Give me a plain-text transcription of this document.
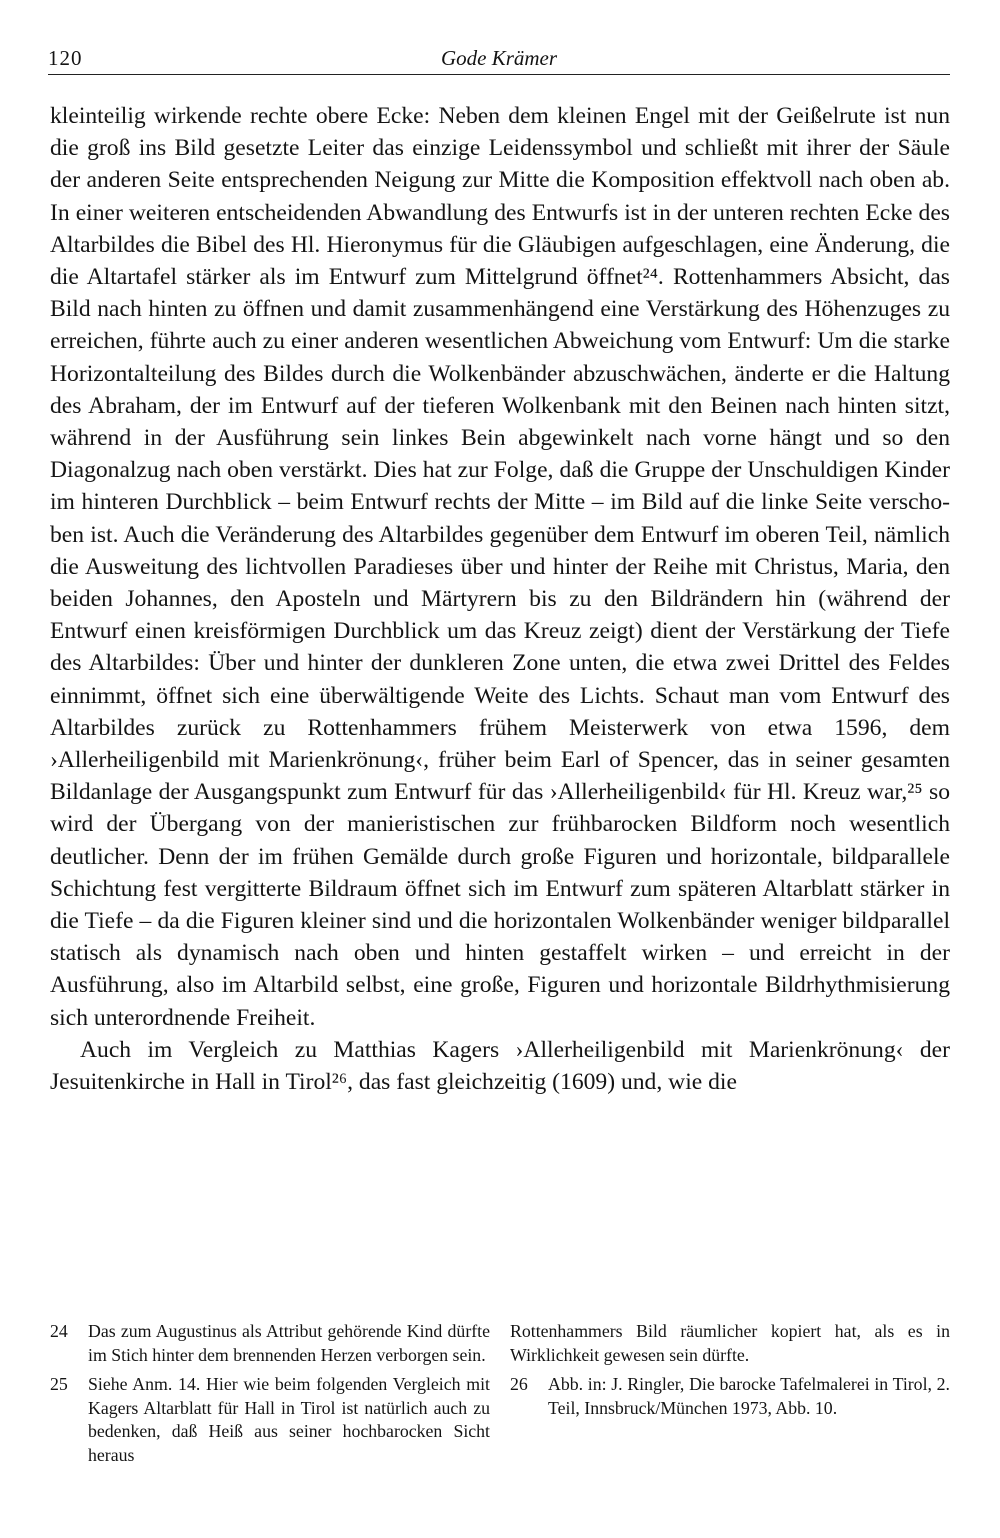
120	Gode Krämer

kleinteilig wirkende rechte obere Ecke: Neben dem kleinen Engel mit der Geißelrute ist nun die groß ins Bild gesetzte Leiter das einzige Leidenssymbol und schließt mit ihrer der Säule der anderen Seite entsprechenden Neigung zur Mitte die Komposition effektvoll nach oben ab. In einer weiteren entscheidenden Abwandlung des Entwurfs ist in der unteren rechten Ecke des Altarbildes die Bibel des Hl. Hieronymus für die Gläubigen aufgeschlagen, eine Änderung, die die Altartafel stärker als im Entwurf zum Mittelgrund öffnet²⁴. Rottenhammers Absicht, das Bild nach hinten zu öffnen und damit zusammenhängend eine Verstärkung des Höhenzuges zu erreichen, führte auch zu einer anderen wesentlichen Abweichung vom Entwurf: Um die starke Horizontalteilung des Bildes durch die Wolkenbänder abzuschwächen, änderte er die Haltung des Abraham, der im Entwurf auf der tieferen Wolkenbank mit den Beinen nach hinten sitzt, während in der Ausführung sein linkes Bein abgewinkelt nach vorne hängt und so den Diagonalzug nach oben verstärkt. Dies hat zur Folge, daß die Gruppe der Unschuldigen Kinder im hinteren Durchblick – beim Entwurf rechts der Mitte – im Bild auf die linke Seite verschoben ist. Auch die Veränderung des Altarbildes gegenüber dem Entwurf im oberen Teil, nämlich die Ausweitung des lichtvollen Paradieses über und hinter der Reihe mit Christus, Maria, den beiden Johannes, den Aposteln und Märtyrern bis zu den Bildrändern hin (während der Entwurf einen kreisförmigen Durchblick um das Kreuz zeigt) dient der Verstärkung der Tiefe des Altarbildes: Über und hinter der dunkleren Zone unten, die etwa zwei Drittel des Feldes einnimmt, öffnet sich eine überwältigende Weite des Lichts. Schaut man vom Entwurf des Altarbildes zurück zu Rottenhammers frühem Meisterwerk von etwa 1596, dem ›Allerheiligenbild mit Marienkrönung‹, früher beim Earl of Spencer, das in seiner gesamten Bildanlage der Ausgangspunkt zum Entwurf für das ›Allerheiligenbild‹ für Hl. Kreuz war,²⁵ so wird der Übergang von der manieristischen zur frühbarocken Bildform noch wesentlich deutlicher. Denn der im frühen Gemälde durch große Figuren und horizontale, bildparallele Schichtung fest vergitterte Bildraum öffnet sich im Entwurf zum späteren Altarblatt stärker in die Tiefe – da die Figuren kleiner sind und die horizontalen Wolkenbänder weniger bildparallel statisch als dynamisch nach oben und hinten gestaffelt wirken – und erreicht in der Ausführung, also im Altarbild selbst, eine große, Figuren und horizontale Bildrhythmisierung sich unterordnende Freiheit.

Auch im Vergleich zu Matthias Kagers ›Allerheiligenbild mit Marienkrönung‹ der Jesuitenkirche in Hall in Tirol²⁶, das fast gleichzeitig (1609) und, wie die

24 Das zum Augustinus als Attribut gehörende Kind dürfte im Stich hinter dem brennenden Herzen verborgen sein.

25 Siehe Anm. 14. Hier wie beim folgenden Vergleich mit Kagers Altarblatt für Hall in Tirol ist natürlich auch zu bedenken, daß Heiß aus seiner hochbarocken Sicht heraus

Rottenhammers Bild räumlicher kopiert hat, als es in Wirklichkeit gewesen sein dürfte.

26 Abb. in: J. Ringler, Die barocke Tafelmalerei in Tirol, 2. Teil, Innsbruck/München 1973, Abb. 10.
